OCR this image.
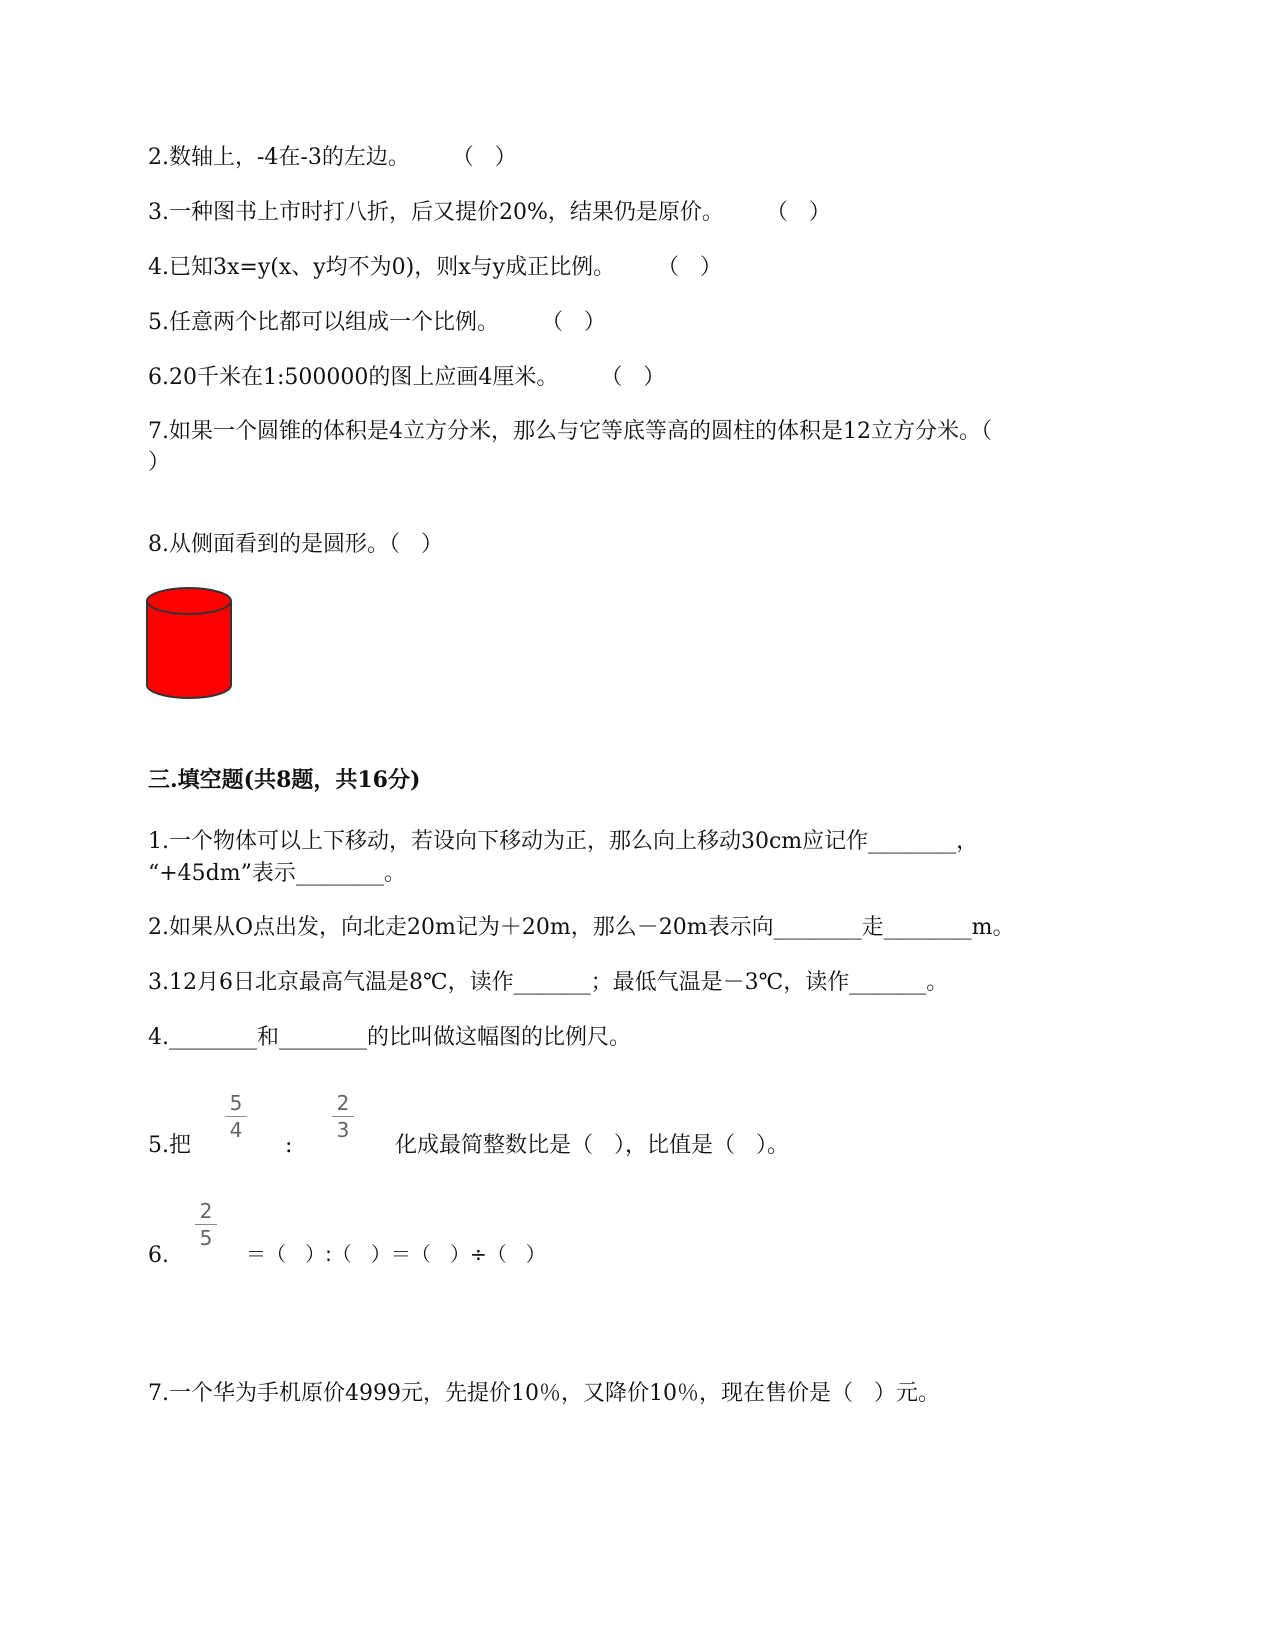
2.数轴上，-4在-3的左边。      （   ）
3.一种图书上市时打八折，后又提价20%，结果仍是原价。      （   ）
4.已知3x=y(x、y均不为0)，则x与y成正比例。      （   ）
5.任意两个比都可以组成一个比例。      （   ）
6.20千米在1:500000的图上应画4厘米。      （   ）
7.如果一个圆锥的体积是4立方分米，那么与它等底等高的圆柱的体积是12立方分米。（
）
8.从侧面看到的是圆形。（   ）
三.填空题(共8题，共16分)
1.一个物体可以上下移动，若设向下移动为正，那么向上移动30cm应记作________，
“+45dm”表示________。
2.如果从O点出发，向北走20m记为＋20m，那么－20m表示向________走________m。
3.12月6日北京最高气温是8℃，读作_______；最低气温是－3℃，读作_______。
4.________和________的比叫做这幅图的比例尺。
5.把
5
4
:
2
3
化成最简整数比是（   ），比值是（   ）。
6.
2
5
＝（   ）:（   ）＝（   ）÷（   ）
7.一个华为手机原价4999元，先提价10％，又降价10％，现在售价是（   ）元。
